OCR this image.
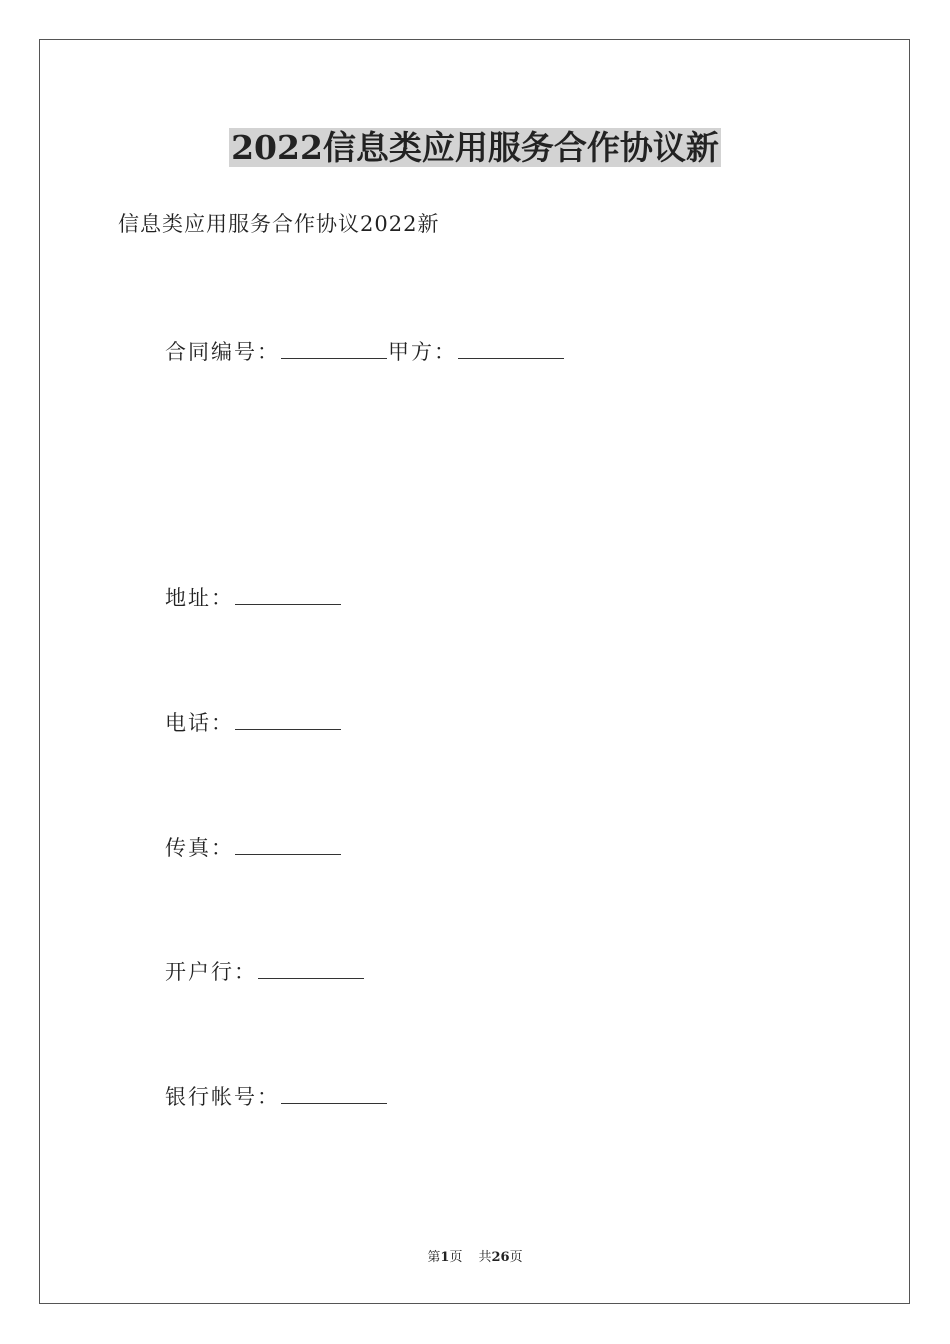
2022信息类应用服务合作协议新
信息类应用服务合作协议2022新
合同编号：	甲方：
地址：
电话：
传真：
开户行：
银行帐号：
第1页 共26页
